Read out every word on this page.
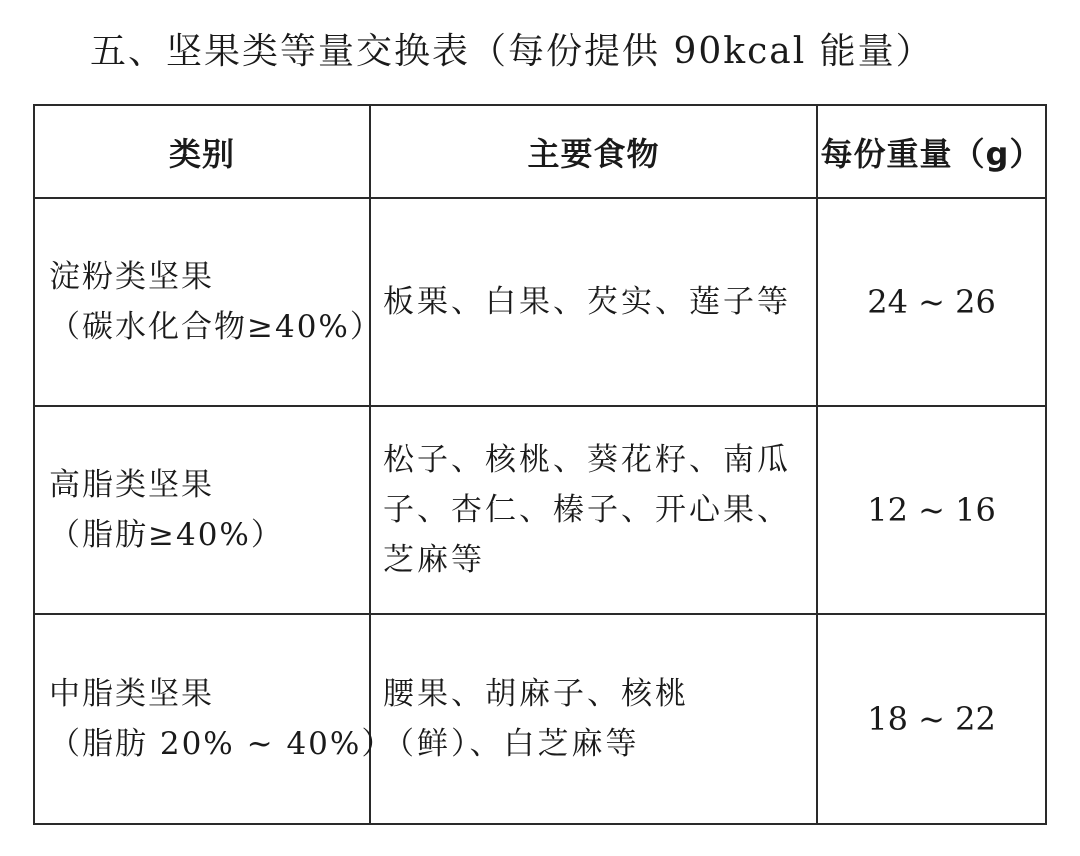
五、坚果类等量交换表（每份提供 90kcal 能量）
类别	主要食物	每份重量（g）

淀粉类坚果
（碳水化合物≥40%）	板栗、白果、芡实、莲子等	24 ~ 26

高脂类坚果
（脂肪≥40%）	松子、核桃、葵花籽、南瓜子、杏仁、榛子、开心果、芝麻等	12 ~ 16

中脂类坚果
（脂肪 20% ~ 40%）	腰果、胡麻子、核桃（鲜）、白芝麻等	18 ~ 22
